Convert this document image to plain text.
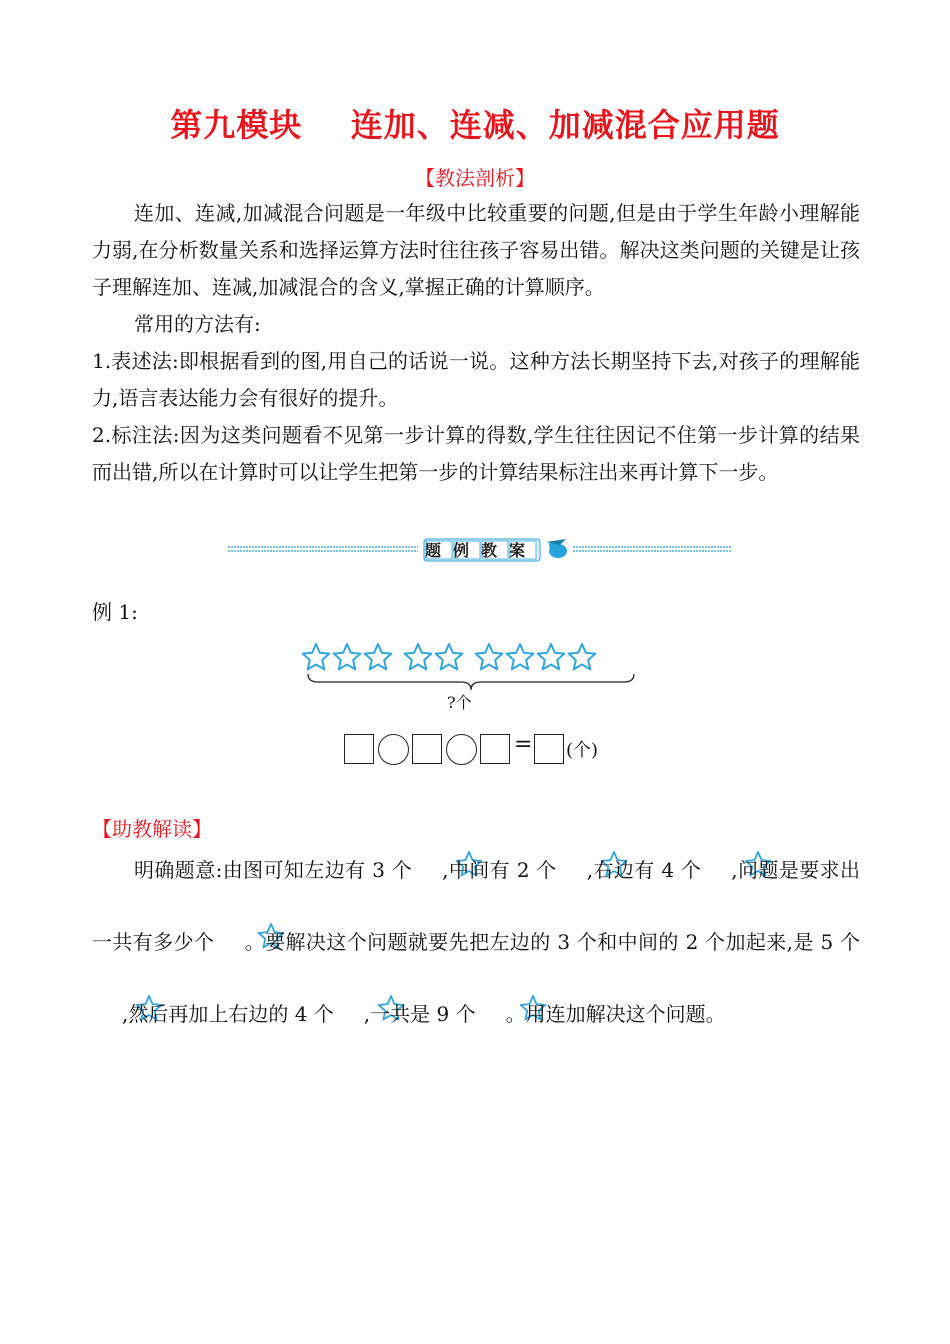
第九模块    连加、连减、加减混合应用题
【教法剖析】

连加、连减,加减混合问题是一年级中比较重要的问题,但是由于学生年龄小理解能力弱,在分析数量关系和选择运算方法时往往孩子容易出错。解决这类问题的关键是让孩子理解连加、连减,加减混合的含义,掌握正确的计算顺序。

常用的方法有:

1.表述法:即根据看到的图,用自己的话说一说。这种方法长期坚持下去,对孩子的理解能力,语言表达能力会有很好的提升。

2.标注法:因为这类问题看不见第一步计算的得数,学生往往因记不住第一步计算的结果而出错,所以在计算时可以让学生把第一步的计算结果标注出来再计算下一步。

题例教案
例 1:
?个
= (个)
【助教解读】

明确题意:由图可知左边有 3 个 ,中间有 2 个 ,右边有 4 个 ,问题是要求出一共有多少个 。要解决这个问题就要先把左边的 3 个和中间的 2 个加起来,是 5 个,然后再加上右边的 4 个 ,一共是 9 个 。用连加解决这个问题。
